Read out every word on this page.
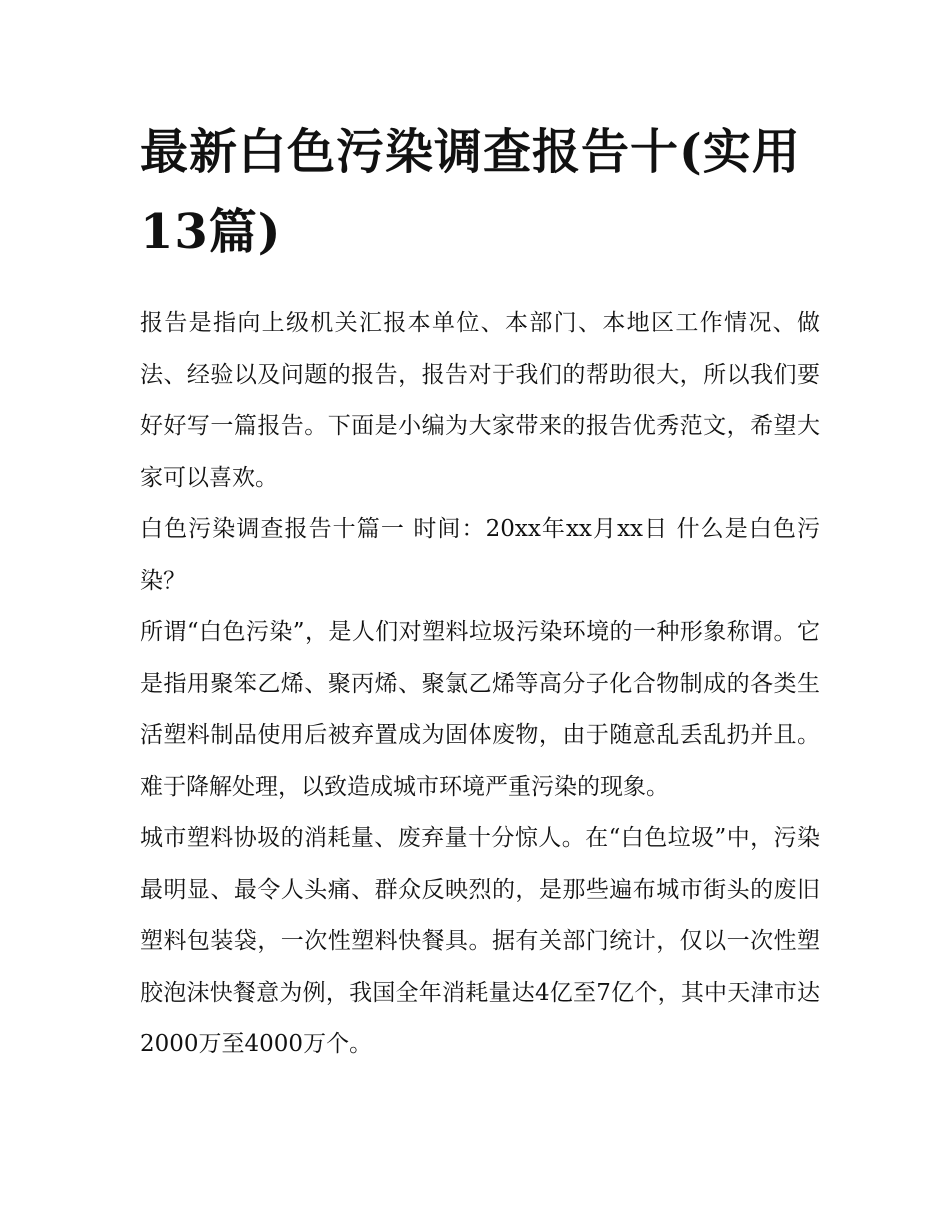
最新白色污染调查报告十(实用13篇)

报告是指向上级机关汇报本单位、本部门、本地区工作情况、做法、经验以及问题的报告，报告对于我们的帮助很大，所以我们要好好写一篇报告。下面是小编为大家带来的报告优秀范文，希望大家可以喜欢。

白色污染调查报告十篇一 时间：20xx年xx月xx日 什么是白色污染？

所谓“白色污染”，是人们对塑料垃圾污染环境的一种形象称谓。它是指用聚笨乙烯、聚丙烯、聚氯乙烯等高分子化合物制成的各类生活塑料制品使用后被弃置成为固体废物，由于随意乱丢乱扔并且。难于降解处理，以致造成城市环境严重污染的现象。

城市塑料协圾的消耗量、废弃量十分惊人。在“白色垃圾”中，污染最明显、最令人头痛、群众反映烈的，是那些遍布城市街头的废旧塑料包装袋，一次性塑料快餐具。据有关部门统计，仅以一次性塑胶泡沫快餐意为例，我国全年消耗量达4亿至7亿个，其中天津市达2000万至4000万个。
